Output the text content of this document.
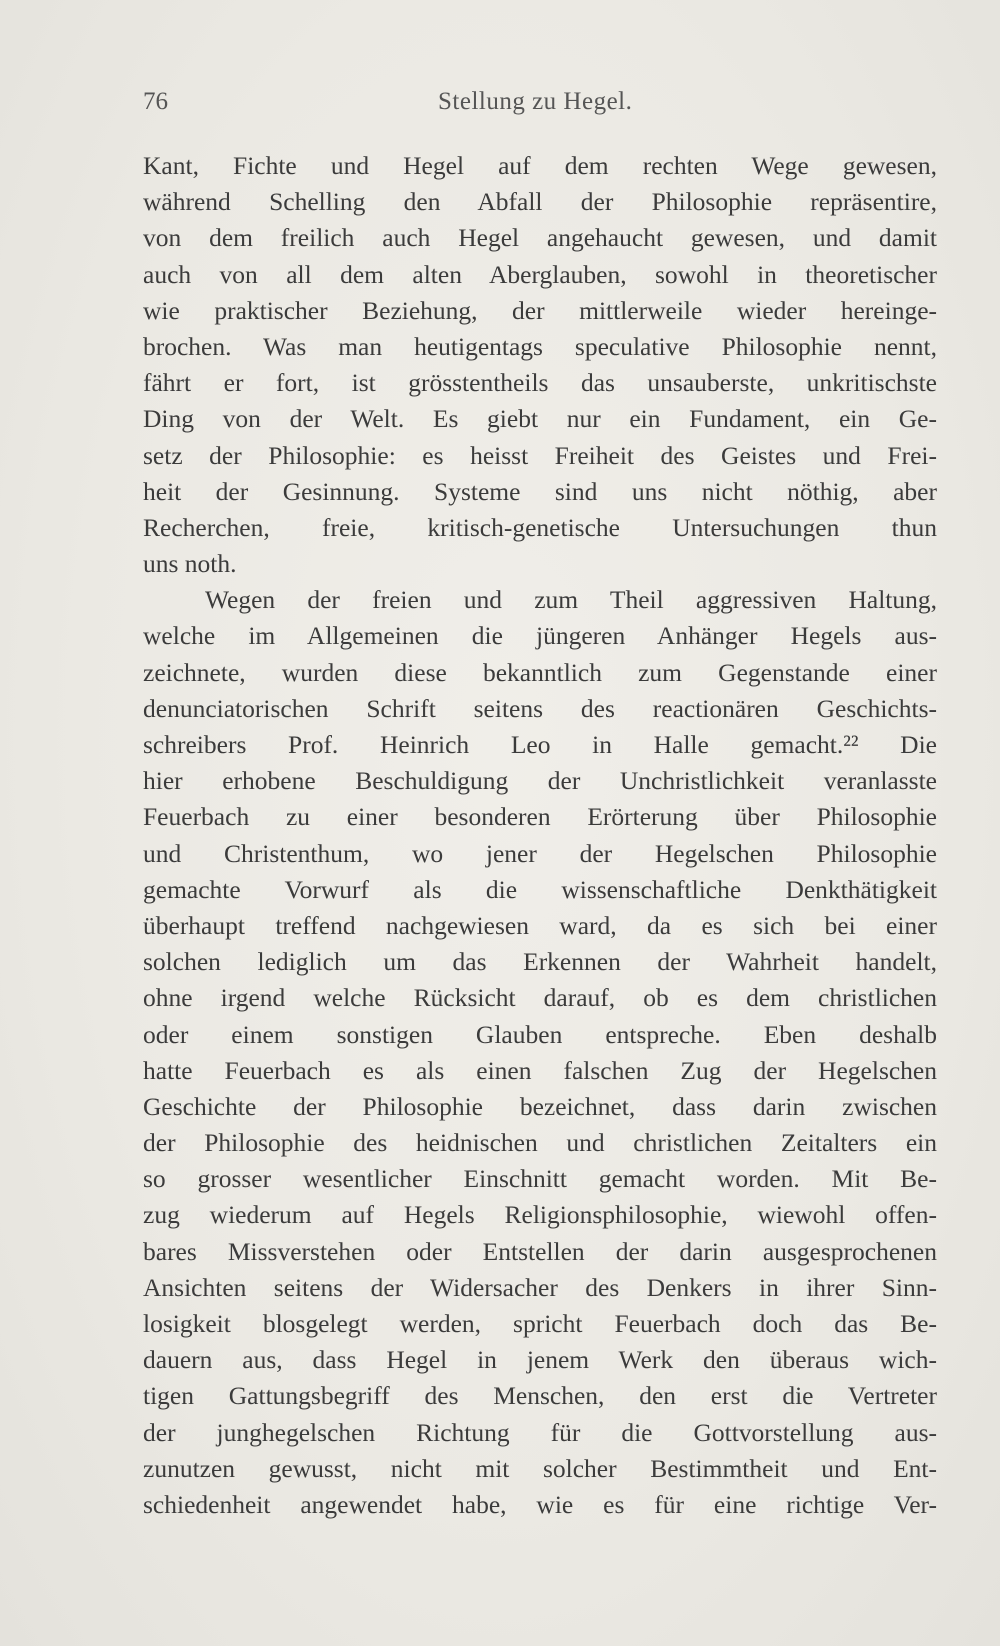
76	Stellung zu Hegel.
Kant, Fichte und Hegel auf dem rechten Wege gewesen,
während Schelling den Abfall der Philosophie repräsentire,
von dem freilich auch Hegel angehaucht gewesen, und damit
auch von all dem alten Aberglauben, sowohl in theoretischer
wie praktischer Beziehung, der mittlerweile wieder hereinge-
brochen. Was man heutigentags speculative Philosophie nennt,
fährt er fort, ist grösstentheils das unsauberste, unkritischste
Ding von der Welt. Es giebt nur ein Fundament, ein Ge-
setz der Philosophie: es heisst Freiheit des Geistes und Frei-
heit der Gesinnung. Systeme sind uns nicht nöthig, aber
Recherchen, freie, kritisch-genetische Untersuchungen thun
uns noth.
Wegen der freien und zum Theil aggressiven Haltung,
welche im Allgemeinen die jüngeren Anhänger Hegels aus-
zeichnete, wurden diese bekanntlich zum Gegenstande einer
denunciatorischen Schrift seitens des reactionären Geschichts-
schreibers Prof. Heinrich Leo in Halle gemacht.²² Die
hier erhobene Beschuldigung der Unchristlichkeit veranlasste
Feuerbach zu einer besonderen Erörterung über Philosophie
und Christenthum, wo jener der Hegelschen Philosophie
gemachte Vorwurf als die wissenschaftliche Denkthätigkeit
überhaupt treffend nachgewiesen ward, da es sich bei einer
solchen lediglich um das Erkennen der Wahrheit handelt,
ohne irgend welche Rücksicht darauf, ob es dem christlichen
oder einem sonstigen Glauben entspreche. Eben deshalb
hatte Feuerbach es als einen falschen Zug der Hegelschen
Geschichte der Philosophie bezeichnet, dass darin zwischen
der Philosophie des heidnischen und christlichen Zeitalters ein
so grosser wesentlicher Einschnitt gemacht worden. Mit Be-
zug wiederum auf Hegels Religionsphilosophie, wiewohl offen-
bares Missverstehen oder Entstellen der darin ausgesprochenen
Ansichten seitens der Widersacher des Denkers in ihrer Sinn-
losigkeit blosgelegt werden, spricht Feuerbach doch das Be-
dauern aus, dass Hegel in jenem Werk den überaus wich-
tigen Gattungsbegriff des Menschen, den erst die Vertreter
der junghegelschen Richtung für die Gottvorstellung aus-
zunutzen gewusst, nicht mit solcher Bestimmtheit und Ent-
schiedenheit angewendet habe, wie es für eine richtige Ver-
